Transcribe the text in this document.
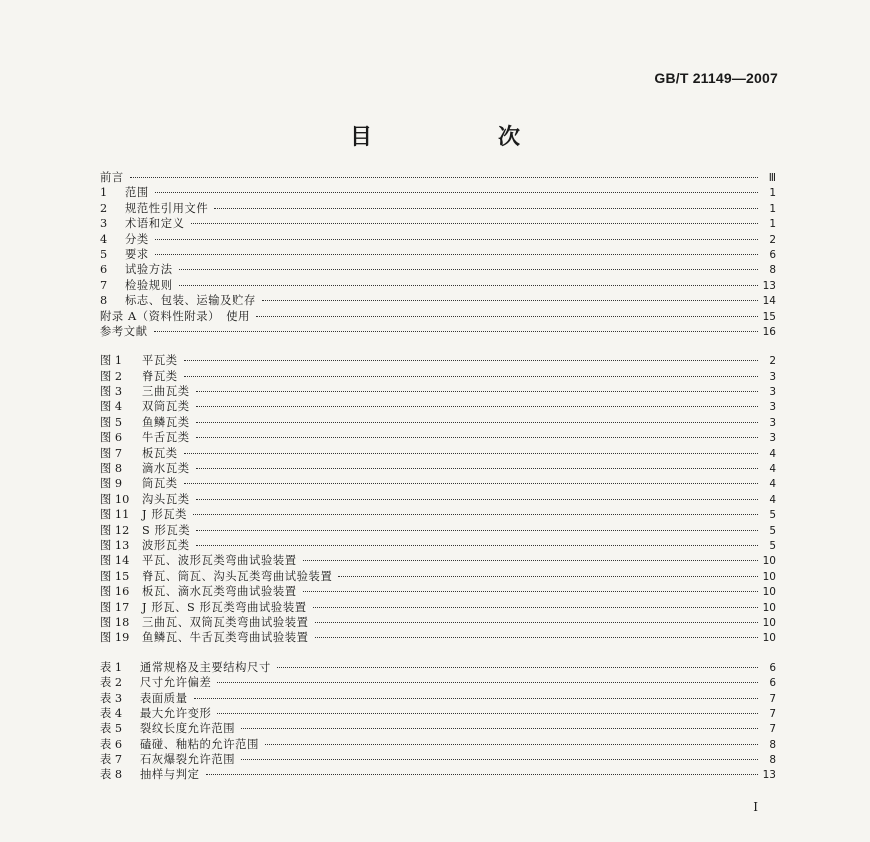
GB/T 21149—2007
目　次
前言	Ⅲ
1	范围	1
2	规范性引用文件	1
3	术语和定义	1
4	分类	2
5	要求	6
6	试验方法	8
7	检验规则	13
8	标志、包装、运输及贮存	14
附录 A（资料性附录）　使用	15
参考文献	16
图 1	平瓦类	2
图 2	脊瓦类	3
图 3	三曲瓦类	3
图 4	双筒瓦类	3
图 5	鱼鳞瓦类	3
图 6	牛舌瓦类	3
图 7	板瓦类	4
图 8	滴水瓦类	4
图 9	筒瓦类	4
图 10	沟头瓦类	4
图 11	J 形瓦类	5
图 12	S 形瓦类	5
图 13	波形瓦类	5
图 14	平瓦、波形瓦类弯曲试验装置	10
图 15	脊瓦、筒瓦、沟头瓦类弯曲试验装置	10
图 16	板瓦、滴水瓦类弯曲试验装置	10
图 17	J 形瓦、S 形瓦类弯曲试验装置	10
图 18	三曲瓦、双筒瓦类弯曲试验装置	10
图 19	鱼鳞瓦、牛舌瓦类弯曲试验装置	10
表 1	通常规格及主要结构尺寸	6
表 2	尺寸允许偏差	6
表 3	表面质量	7
表 4	最大允许变形	7
表 5	裂纹长度允许范围	7
表 6	磕碰、釉粘的允许范围	8
表 7	石灰爆裂允许范围	8
表 8	抽样与判定	13
Ⅰ
